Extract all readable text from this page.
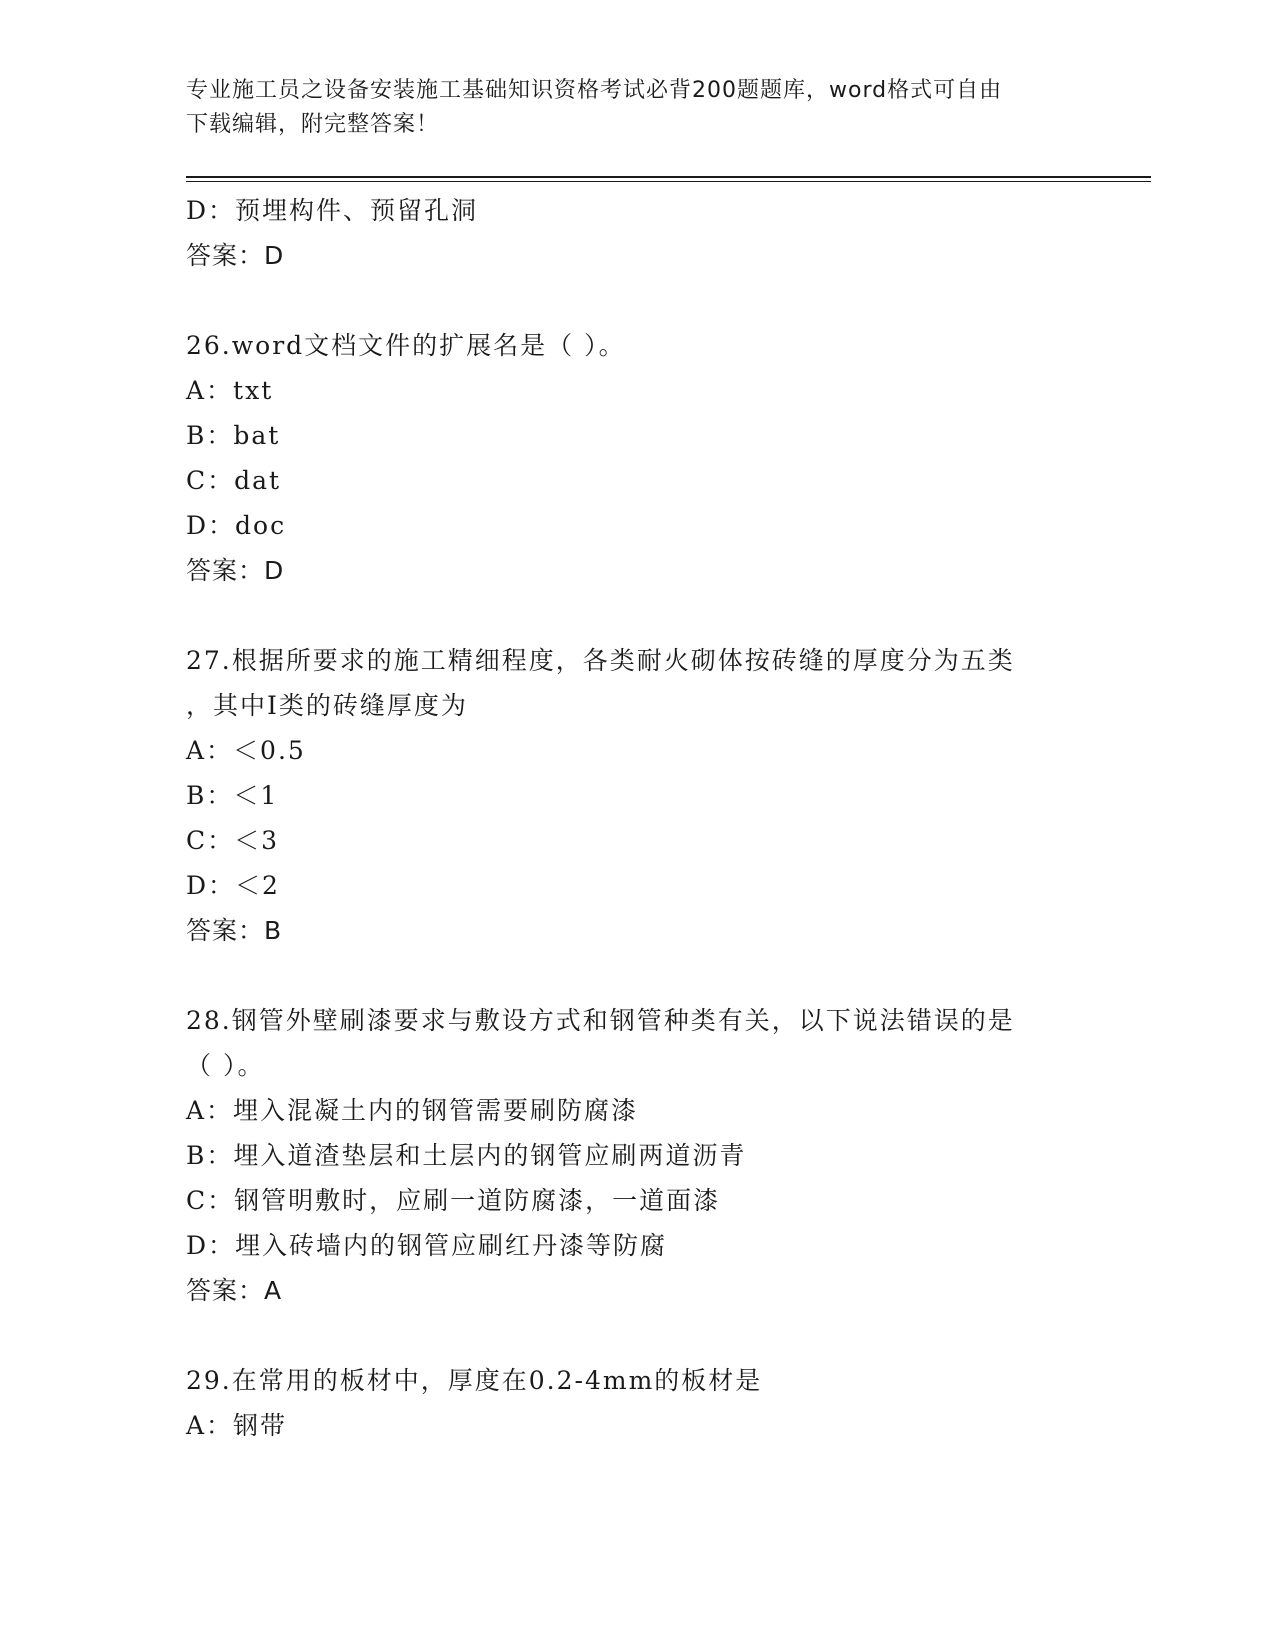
专业施工员之设备安装施工基础知识资格考试必背200题题库，word格式可自由
下载编辑，附完整答案！
D：预埋构件、预留孔洞
答案：D
26.word文档文件的扩展名是（ ）。
A：txt
B：bat
C：dat
D：doc
答案：D
27.根据所要求的施工精细程度，各类耐火砌体按砖缝的厚度分为五类
，其中I类的砖缝厚度为
A：＜0.5
B：＜1
C：＜3
D：＜2
答案：B
28.钢管外壁刷漆要求与敷设方式和钢管种类有关，以下说法错误的是
（ ）。
A：埋入混凝土内的钢管需要刷防腐漆
B：埋入道渣垫层和土层内的钢管应刷两道沥青
C：钢管明敷时，应刷一道防腐漆，一道面漆
D：埋入砖墙内的钢管应刷红丹漆等防腐
答案：A
29.在常用的板材中，厚度在0.2-4mm的板材是
A：钢带
